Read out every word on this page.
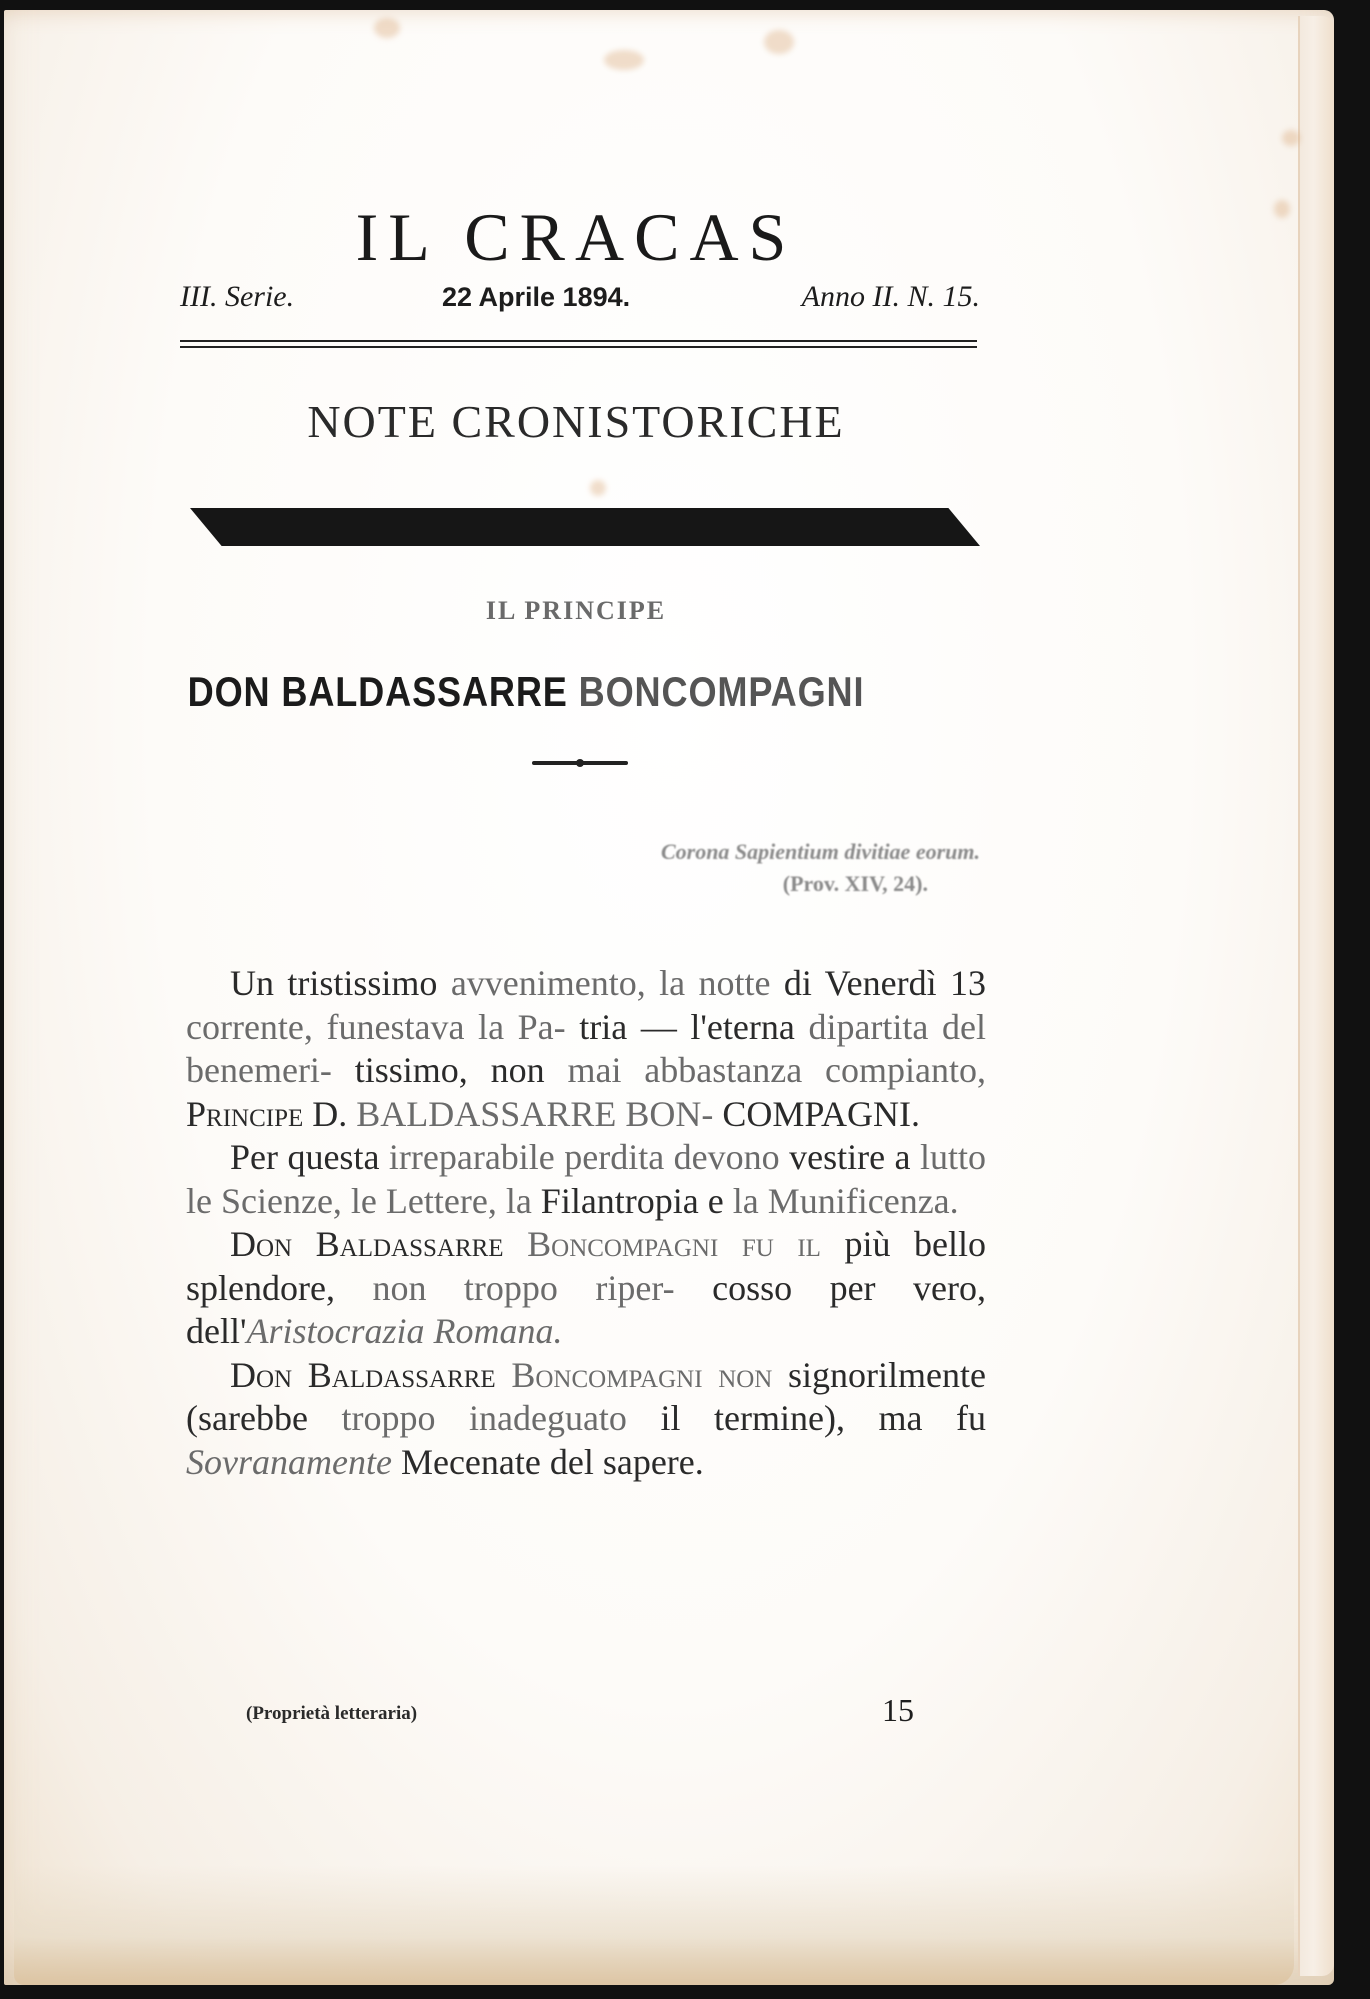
IL CRACAS
III. Serie.	22 Aprile 1894.	Anno II. N. 15.
NOTE CRONISTORICHE
IL PRINCIPE
DON BALDASSARRE BONCOMPAGNI
Corona Sapientium divitiae eorum.
(Prov. XIV, 24).

Un tristissimo avvenimento, la notte di Venerdì 13 corrente, funestava la Pa- tria — l'eterna dipartita del benemeri- tissimo, non mai abbastanza compianto, Principe D. BALDASSARRE BON- COMPAGNI.

Per questa irreparabile perdita devono vestire a lutto le Scienze, le Lettere, la Filantropia e la Munificenza.

Don Baldassarre Boncompagni fu il più bello splendore, non troppo riper- cosso per vero, dell'Aristocrazia Romana.

Don Baldassarre Boncompagni non signorilmente (sarebbe troppo inadeguato il termine), ma fu Sovranamente Mecenate del sapere.

(Proprietà letteraria)	15
